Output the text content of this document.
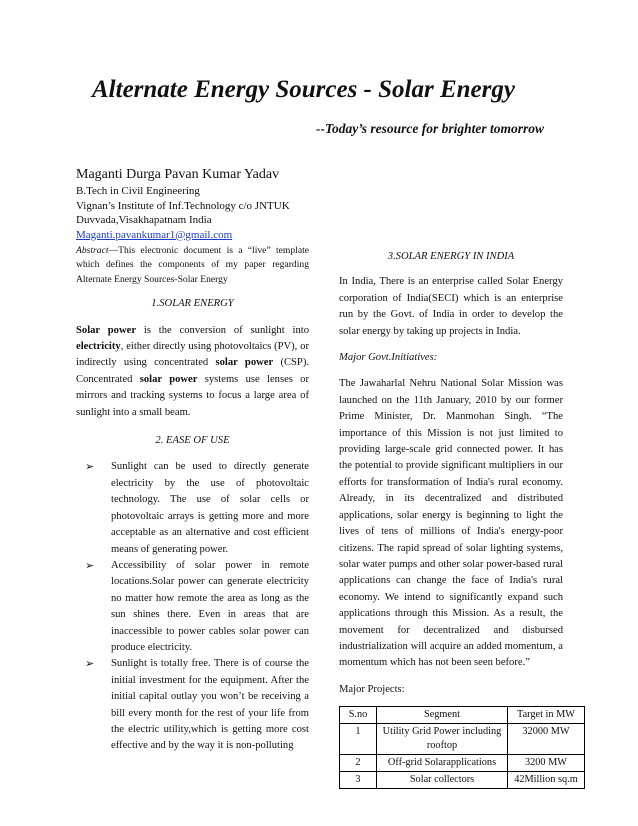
Alternate Energy Sources - Solar Energy
--Today’s resource for brighter tomorrow
Maganti Durga Pavan Kumar Yadav
B.Tech in Civil Engineering
Vignan’s Institute of Inf.Technology c/o JNTUK
Duvvada,Visakhapatnam India
Maganti.pavankumar1@gmail.com

Abstract—This electronic document is a “live” template which defines the components of my paper regarding Alternate Energy Sources-Solar Energy

1.SOLAR ENERGY

Solar power is the conversion of sunlight into electricity, either directly using photovoltaics (PV), or indirectly using concentrated solar power (CSP). Concentrated solar power systems use lenses or mirrors and tracking systems to focus a large area of sunlight into a small beam.

2. EASE OF USE
➢ Sunlight can be used to directly generate electricity by the use of photovoltaic technology. The use of solar cells or photovoltaic arrays is getting more and more acceptable as an alternative and cost efficient means of generating power.
➢ Accessibility of solar power in remote locations.Solar power can generate electricity no matter how remote the area as long as the sun shines there. Even in areas that are inaccessible to power cables solar power can produce electricity.
➢ Sunlight is totally free. There is of course the initial investment for the equipment. After the initial capital outlay you won’t be receiving a bill every month for the rest of your life from the electric utility,which is getting more cost effective and by the way it is non-polluting
3.SOLAR ENERGY IN INDIA

In India, There is an enterprise called Solar Energy corporation of India(SECI) which is an enterprise run by the Govt. of India in order to develop the solar energy by taking up projects in India.

Major Govt.Initiatives:

The Jawaharlal Nehru National Solar Mission was launched on the 11th January, 2010 by our former Prime Minister, Dr. Manmohan Singh. “The importance of this Mission is not just limited to providing large-scale grid connected power. It has the potential to provide significant multipliers in our efforts for transformation of India's rural economy. Already, in its decentralized and distributed applications, solar energy is beginning to light the lives of tens of millions of India's energy-poor citizens. The rapid spread of solar lighting systems, solar water pumps and other solar power-based rural applications can change the face of India's rural economy. We intend to significantly expand such applications through this Mission. As a result, the movement for decentralized and disbursed industrialization will acquire an added momentum, a momentum which has not been seen before.”

Major Projects:
S.no	Segment	Target in MW
1	Utility Grid Power including rooftop	32000 MW
2	Off-grid Solarapplications	3200 MW
3	Solar collectors	42Million sq.m
